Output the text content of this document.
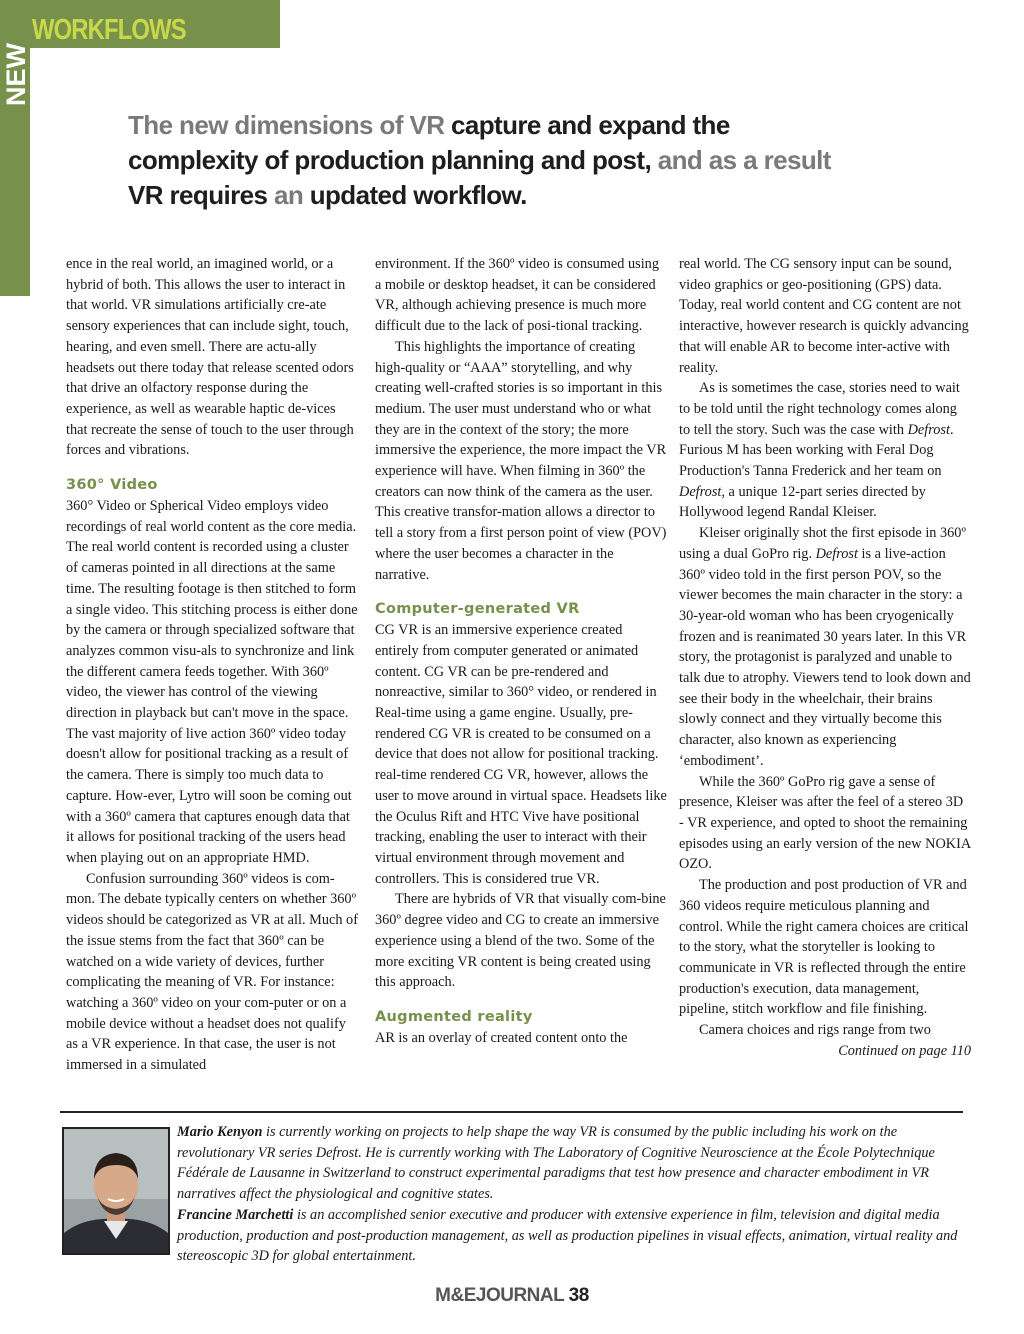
WORKFLOWS
NEW
The new dimensions of VR capture and expand the complexity of production planning and post, and as a result VR requires an updated workflow.

ence in the real world, an imagined world, or a hybrid of both. This allows the user to interact in that world. VR simulations artificially cre-ate sensory experiences that can include sight, touch, hearing, and even smell. There are actu-ally headsets out there today that release scented odors that drive an olfactory response during the experience, as well as wearable haptic de-vices that recreate the sense of touch to the user through forces and vibrations.

360° Video

360° Video or Spherical Video employs video recordings of real world content as the core media. The real world content is recorded using a cluster of cameras pointed in all directions at the same time. The resulting footage is then stitched to form a single video. This stitching process is either done by the camera or through specialized software that analyzes common visu-als to synchronize and link the different camera feeds together. With 360º video, the viewer has control of the viewing direction in playback but can't move in the space. The vast majority of live action 360º video today doesn't allow for positional tracking as a result of the camera. There is simply too much data to capture. How-ever, Lytro will soon be coming out with a 360º camera that captures enough data that it allows for positional tracking of the users head when playing out on an appropriate HMD.

Confusion surrounding 360º videos is com-mon. The debate typically centers on whether 360º videos should be categorized as VR at all. Much of the issue stems from the fact that 360º can be watched on a wide variety of devices, further complicating the meaning of VR. For instance: watching a 360º video on your com-puter or on a mobile device without a headset does not qualify as a VR experience. In that case, the user is not immersed in a simulated

environment. If the 360º video is consumed using a mobile or desktop headset, it can be considered VR, although achieving presence is much more difficult due to the lack of posi-tional tracking.

This highlights the importance of creating high-quality or “AAA” storytelling, and why creating well-crafted stories is so important in this medium. The user must understand who or what they are in the context of the story; the more immersive the experience, the more impact the VR experience will have. When filming in 360º the creators can now think of the camera as the user. This creative transfor-mation allows a director to tell a story from a first person point of view (POV) where the user becomes a character in the narrative.

Computer-generated VR

CG VR is an immersive experience created entirely from computer generated or animated content. CG VR can be pre-rendered and nonreactive, similar to 360° video, or rendered in Real-time using a game engine. Usually, pre-rendered CG VR is created to be consumed on a device that does not allow for positional tracking. real-time rendered CG VR, however, allows the user to move around in virtual space. Headsets like the Oculus Rift and HTC Vive have positional tracking, enabling the user to interact with their virtual environment through movement and controllers. This is considered true VR.

There are hybrids of VR that visually com-bine 360º degree video and CG to create an immersive experience using a blend of the two. Some of the more exciting VR content is being created using this approach.

Augmented reality

AR is an overlay of created content onto the

real world. The CG sensory input can be sound, video graphics or geo-positioning (GPS) data. Today, real world content and CG content are not interactive, however research is quickly advancing that will enable AR to become inter-active with reality.

As is sometimes the case, stories need to wait to be told until the right technology comes along to tell the story. Such was the case with Defrost. Furious M has been working with Feral Dog Production's Tanna Frederick and her team on Defrost, a unique 12-part series directed by Hollywood legend Randal Kleiser.

Kleiser originally shot the first episode in 360º using a dual GoPro rig. Defrost is a live-action 360º video told in the first person POV, so the viewer becomes the main character in the story: a 30-year-old woman who has been cryogenically frozen and is reanimated 30 years later. In this VR story, the protagonist is paralyzed and unable to talk due to atrophy. Viewers tend to look down and see their body in the wheelchair, their brains slowly connect and they virtually become this character, also known as experiencing ‘embodiment’.

While the 360º GoPro rig gave a sense of presence, Kleiser was after the feel of a stereo 3D - VR experience, and opted to shoot the remaining episodes using an early version of the new NOKIA OZO.

The production and post production of VR and 360 videos require meticulous planning and control. While the right camera choices are critical to the story, what the storyteller is looking to communicate in VR is reflected through the entire production's execution, data management, pipeline, stitch workflow and file finishing.

Camera choices and rigs range from two

Continued on page 110

Mario Kenyon is currently working on projects to help shape the way VR is consumed by the public including his work on the revolutionary VR series Defrost. He is currently working with The Laboratory of Cognitive Neuroscience at the École Polytechnique Fédérale de Lausanne in Switzerland to construct experimental paradigms that test how presence and character embodiment in VR narratives affect the physiological and cognitive states.

Francine Marchetti is an accomplished senior executive and producer with extensive experience in film, television and digital media production, production and post-production management, as well as production pipelines in visual effects, animation, virtual reality and stereoscopic 3D for global entertainment.

M&EJOURNAL 38
